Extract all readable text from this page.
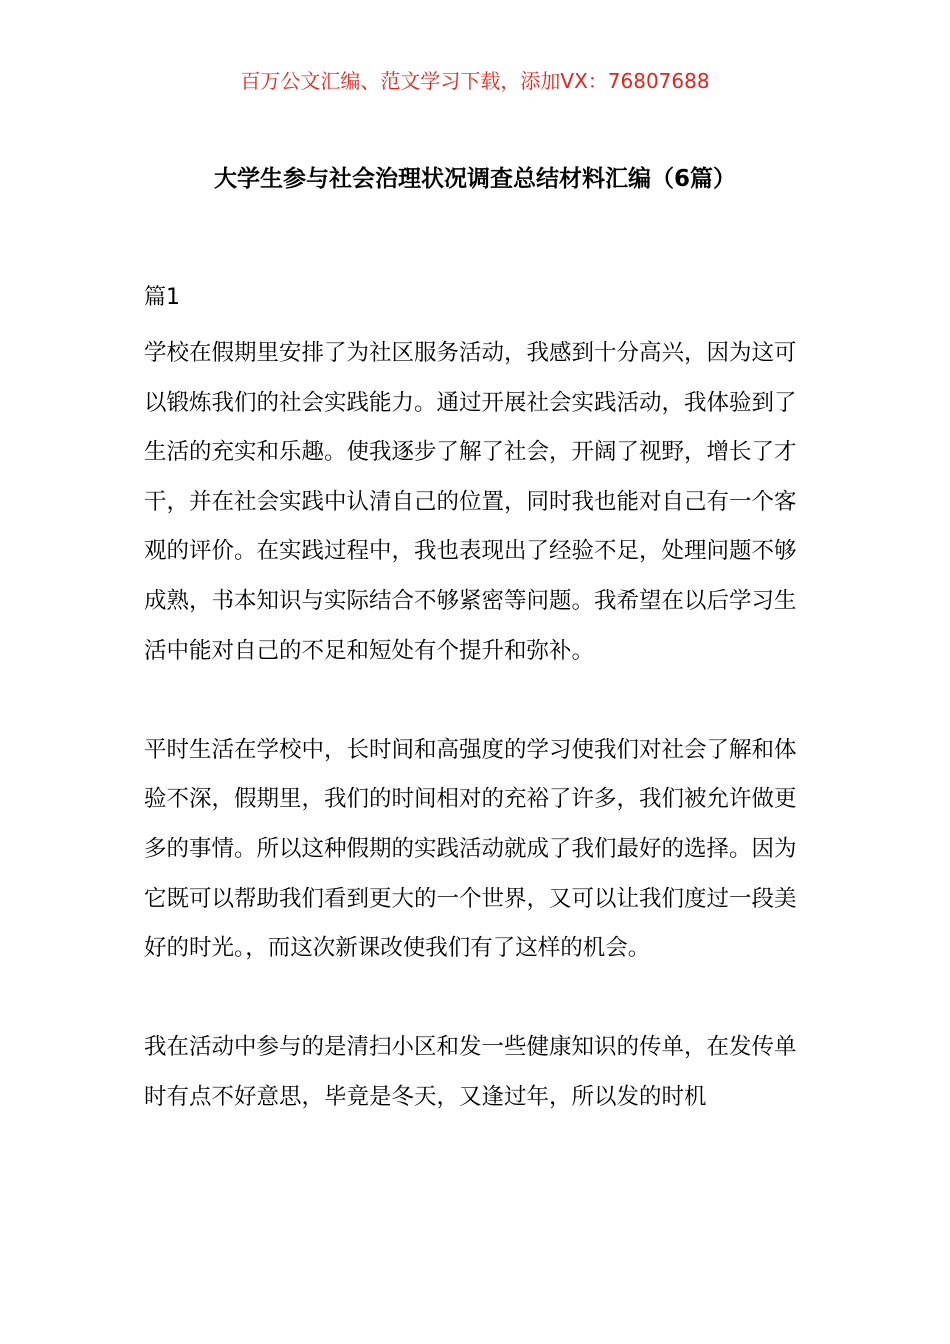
百万公文汇编、范文学习下载，添加VX：76807688
大学生参与社会治理状况调查总结材料汇编（6篇）
篇1

学校在假期里安排了为社区服务活动，我感到十分高兴，因为这可以锻炼我们的社会实践能力。通过开展社会实践活动，我体验到了生活的充实和乐趣。使我逐步了解了社会，开阔了视野，增长了才干，并在社会实践中认清自己的位置，同时我也能对自己有一个客观的评价。在实践过程中，我也表现出了经验不足，处理问题不够成熟，书本知识与实际结合不够紧密等问题。我希望在以后学习生活中能对自己的不足和短处有个提升和弥补。

平时生活在学校中，长时间和高强度的学习使我们对社会了解和体验不深，假期里，我们的时间相对的充裕了许多，我们被允许做更多的事情。所以这种假期的实践活动就成了我们最好的选择。因为它既可以帮助我们看到更大的一个世界，又可以让我们度过一段美好的时光。，而这次新课改使我们有了这样的机会。

我在活动中参与的是清扫小区和发一些健康知识的传单，在发传单时有点不好意思，毕竟是冬天，又逢过年，所以发的时机
